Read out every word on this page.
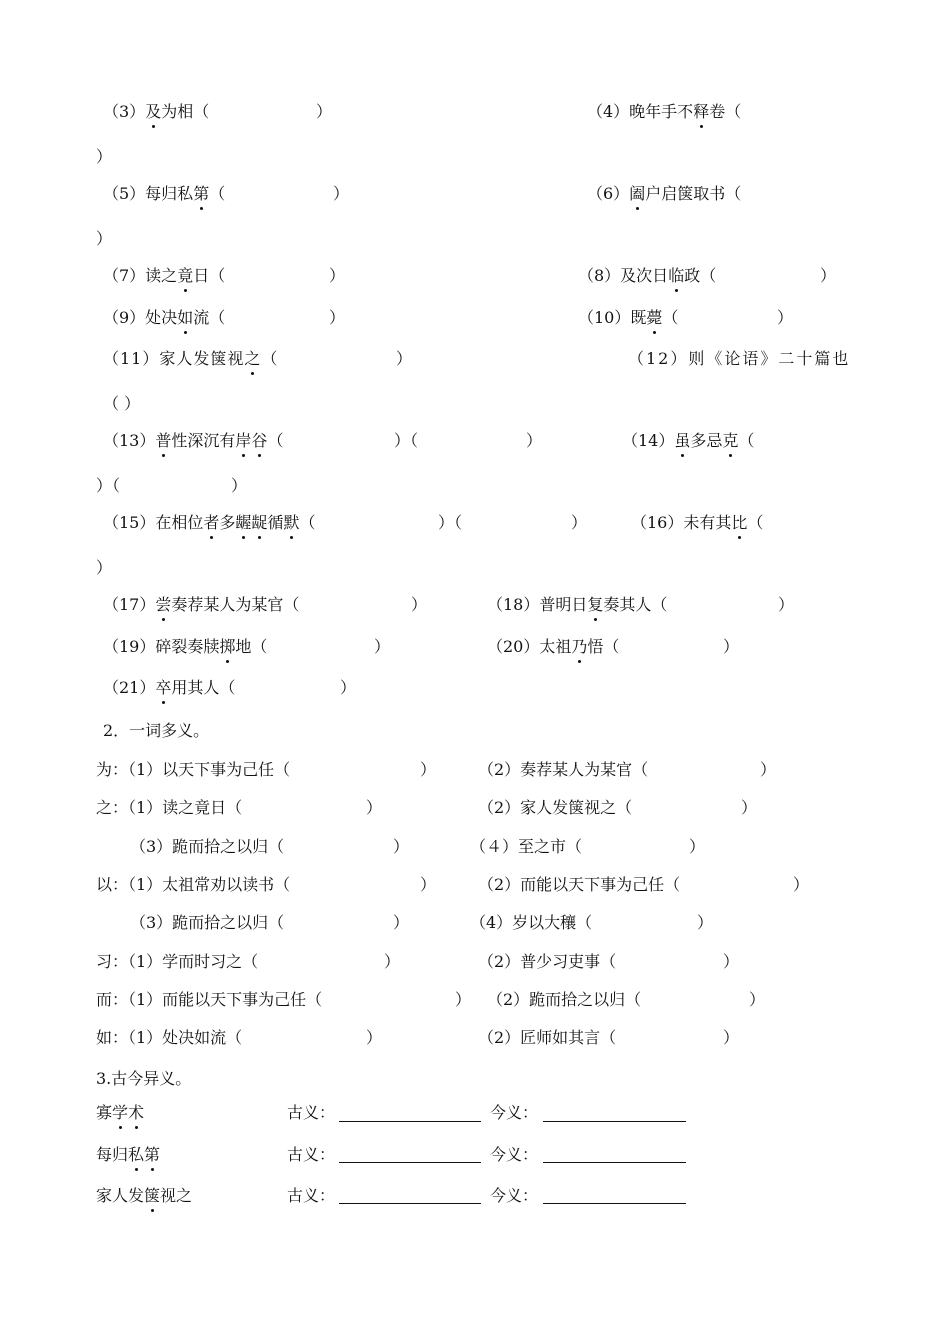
（3）及为相（	）	（4）晚年手不释卷（
）
（5）每归私第（	）	（6）阖户启箧取书（
）
（7）读之竟日（	）	（8）及次日临政（	）
（9）处决如流（	）	（10）既薨（	）
（11）家人发箧视之（	）	（12）则《论语》二十篇也
（ ）
（13）普性深沉有岸谷（	）（	）	（14）虽多忌克（
）（	）
（15）在相位者多龌龊循默（	）（	）	（16）未有其比（
）
（17）尝奏荐某人为某官（	）	（18）普明日复奏其人（	）
（19）碎裂奏牍掷地（	）	（20）太祖乃悟（	）
（21）卒用其人（	）
2．一词多义。
为：（1）以天下事为己任（	）	（2）奏荐某人为某官（	）
之：（1）读之竟日（	）	（2）家人发箧视之（	）
（3）跪而拾之以归（	）	（４）至之市（	）
以：（1）太祖常劝以读书（	）	（2）而能以天下事为己任（	）
（3）跪而拾之以归（	）	（4）岁以大穰（	）
习：（1）学而时习之（	）	（2）普少习吏事（	）
而：（1）而能以天下事为己任（	） （2）跪而拾之以归（	）
如：（1）处决如流（	）	（2）匠师如其言（	）
3.古今异义。
寡学术	古义：	今义：
每归私第	古义：	今义：
家人发箧视之	古义：	今义：
